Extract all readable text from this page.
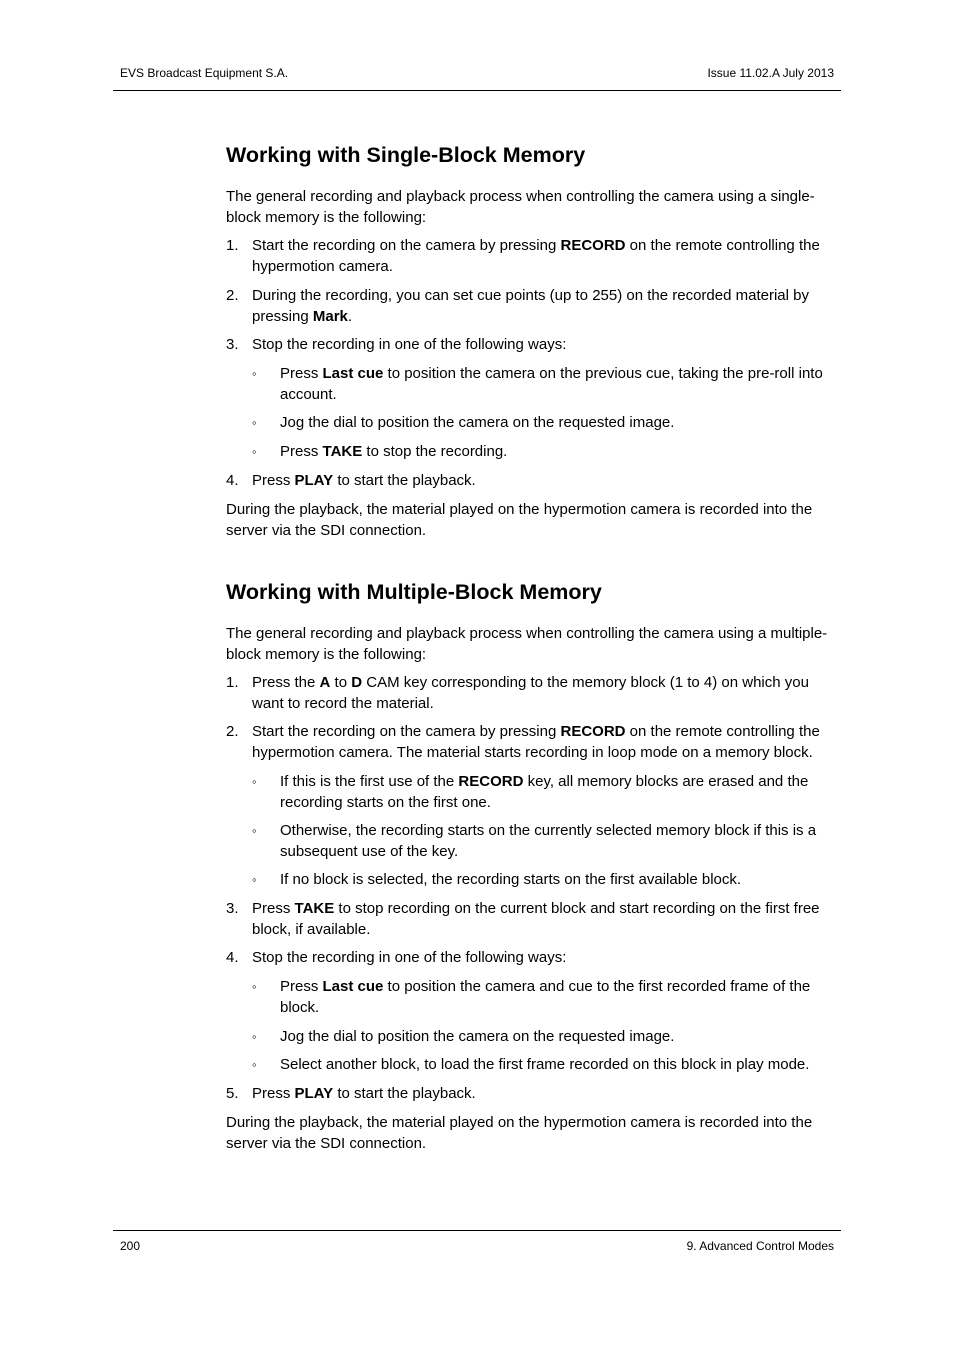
EVS Broadcast Equipment S.A.	Issue 11.02.A July 2013
Working with Single-Block Memory
The general recording and playback process when controlling the camera using a single-block memory is the following:
1. Start the recording on the camera by pressing RECORD on the remote controlling the hypermotion camera.
2. During the recording, you can set cue points (up to 255) on the recorded material by pressing Mark.
3. Stop the recording in one of the following ways:
◦ Press Last cue to position the camera on the previous cue, taking the pre-roll into account.
◦ Jog the dial to position the camera on the requested image.
◦ Press TAKE to stop the recording.
4. Press PLAY to start the playback.
During the playback, the material played on the hypermotion camera is recorded into the server via the SDI connection.
Working with Multiple-Block Memory
The general recording and playback process when controlling the camera using a multiple-block memory is the following:
1. Press the A to D CAM key corresponding to the memory block (1 to 4) on which you want to record the material.
2. Start the recording on the camera by pressing RECORD on the remote controlling the hypermotion camera. The material starts recording in loop mode on a memory block.
◦ If this is the first use of the RECORD key, all memory blocks are erased and the recording starts on the first one.
◦ Otherwise, the recording starts on the currently selected memory block if this is a subsequent use of the key.
◦ If no block is selected, the recording starts on the first available block.
3. Press TAKE to stop recording on the current block and start recording on the first free block, if available.
4. Stop the recording in one of the following ways:
◦ Press Last cue to position the camera and cue to the first recorded frame of the block.
◦ Jog the dial to position the camera on the requested image.
◦ Select another block, to load the first frame recorded on this block in play mode.
5. Press PLAY to start the playback.
During the playback, the material played on the hypermotion camera is recorded into the server via the SDI connection.
200	9. Advanced Control Modes
